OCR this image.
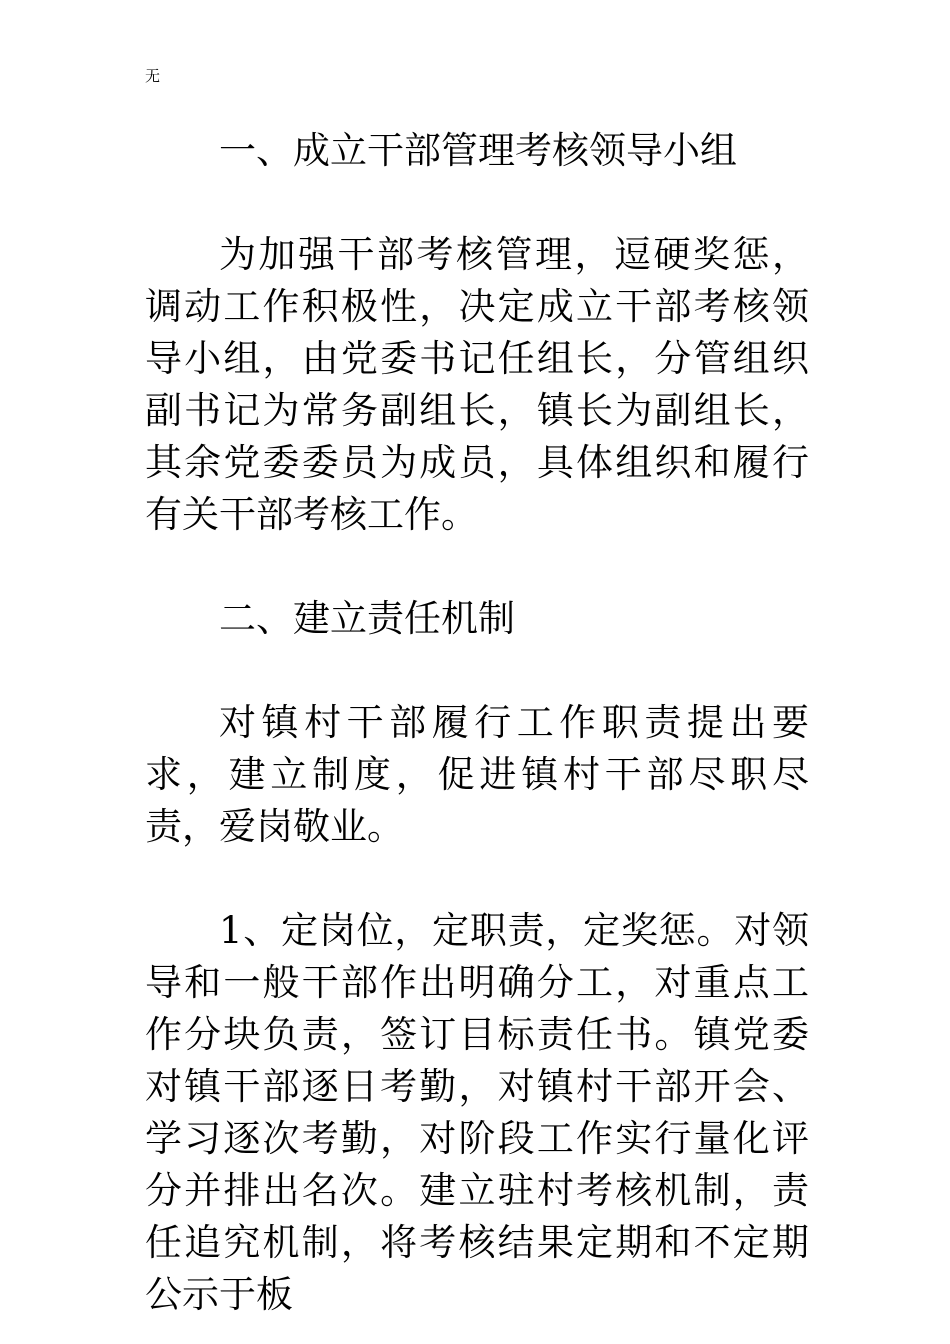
无

一、成立干部管理考核领导小组

为加强干部考核管理，逗硬奖惩，调动工作积极性，决定成立干部考核领导小组，由党委书记任组长，分管组织副书记为常务副组长，镇长为副组长，其余党委委员为成员，具体组织和履行有关干部考核工作。

二、建立责任机制

对镇村干部履行工作职责提出要求，建立制度，促进镇村干部尽职尽责，爱岗敬业。

1、定岗位，定职责，定奖惩。对领导和一般干部作出明确分工，对重点工作分块负责，签订目标责任书。镇党委对镇干部逐日考勤，对镇村干部开会、学习逐次考勤，对阶段工作实行量化评分并排出名次。建立驻村考核机制，责任追究机制，将考核结果定期和不定期公示于板
